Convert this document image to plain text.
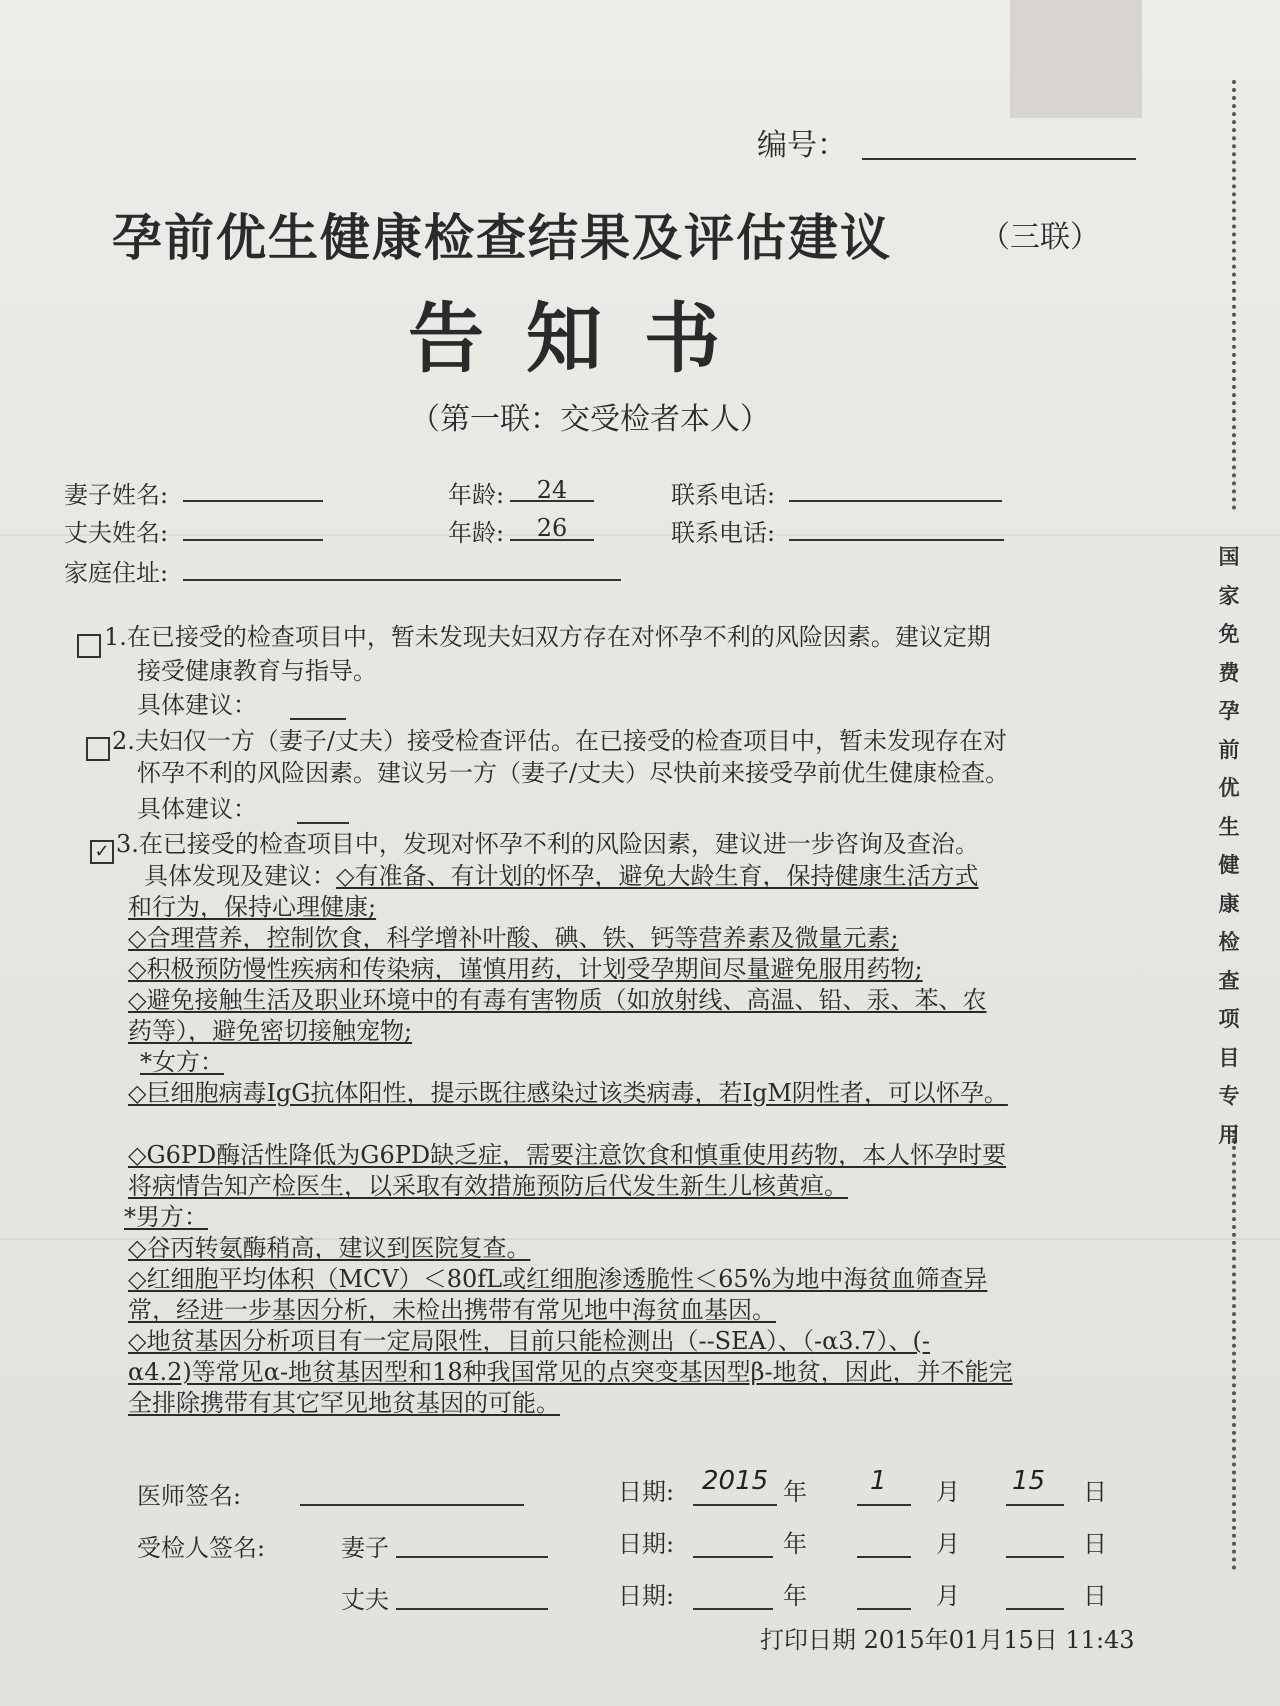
国家免费孕前优生健康检查项目专用
编号：
孕前优生健康检查结果及评估建议	（三联）
告知书
（第一联：交受检者本人）
妻子姓名:	年龄:	24	联系电话:
丈夫姓名:	年龄:	26	联系电话:
家庭住址:
1.在已接受的检查项目中，暂未发现夫妇双方存在对怀孕不利的风险因素。建议定期
接受健康教育与指导。
具体建议：
2.夫妇仅一方（妻子/丈夫）接受检查评估。在已接受的检查项目中，暂未发现存在对
怀孕不利的风险因素。建议另一方（妻子/丈夫）尽快前来接受孕前优生健康检查。
具体建议：
✓ 3.在已接受的检查项目中，发现对怀孕不利的风险因素，建议进一步咨询及查治。
具体发现及建议：◇有准备、有计划的怀孕，避免大龄生育，保持健康生活方式

和行为，保持心理健康;

◇合理营养，控制饮食，科学增补叶酸、碘、铁、钙等营养素及微量元素;

◇积极预防慢性疾病和传染病，谨慎用药，计划受孕期间尽量避免服用药物;

◇避免接触生活及职业环境中的有毒有害物质（如放射线、高温、铅、汞、苯、农

药等），避免密切接触宠物;

*女方：

◇巨细胞病毒IgG抗体阳性，提示既往感染过该类病毒，若IgM阴性者，可以怀孕。

◇G6PD酶活性降低为G6PD缺乏症，需要注意饮食和慎重使用药物，本人怀孕时要

将病情告知产检医生，以采取有效措施预防后代发生新生儿核黄疸。

*男方：

◇谷丙转氨酶稍高，建议到医院复查。

◇红细胞平均体积（MCV）＜80fL或红细胞渗透脆性＜65%为地中海贫血筛查异

常，经进一步基因分析，未检出携带有常见地中海贫血基因。

◇地贫基因分析项目有一定局限性，目前只能检测出（--SEA）、（-α3.7）、(-

α4.2)等常见α-地贫基因型和18种我国常见的点突变基因型β-地贫，因此，并不能完

全排除携带有其它罕见地贫基因的可能。

医师签名:	日期: 2015 年 1 月 15 日
受检人签名:	妻子	日期:	年	月	日
丈夫	日期:	年	月	日
打印日期 2015年01月15日 11:43
